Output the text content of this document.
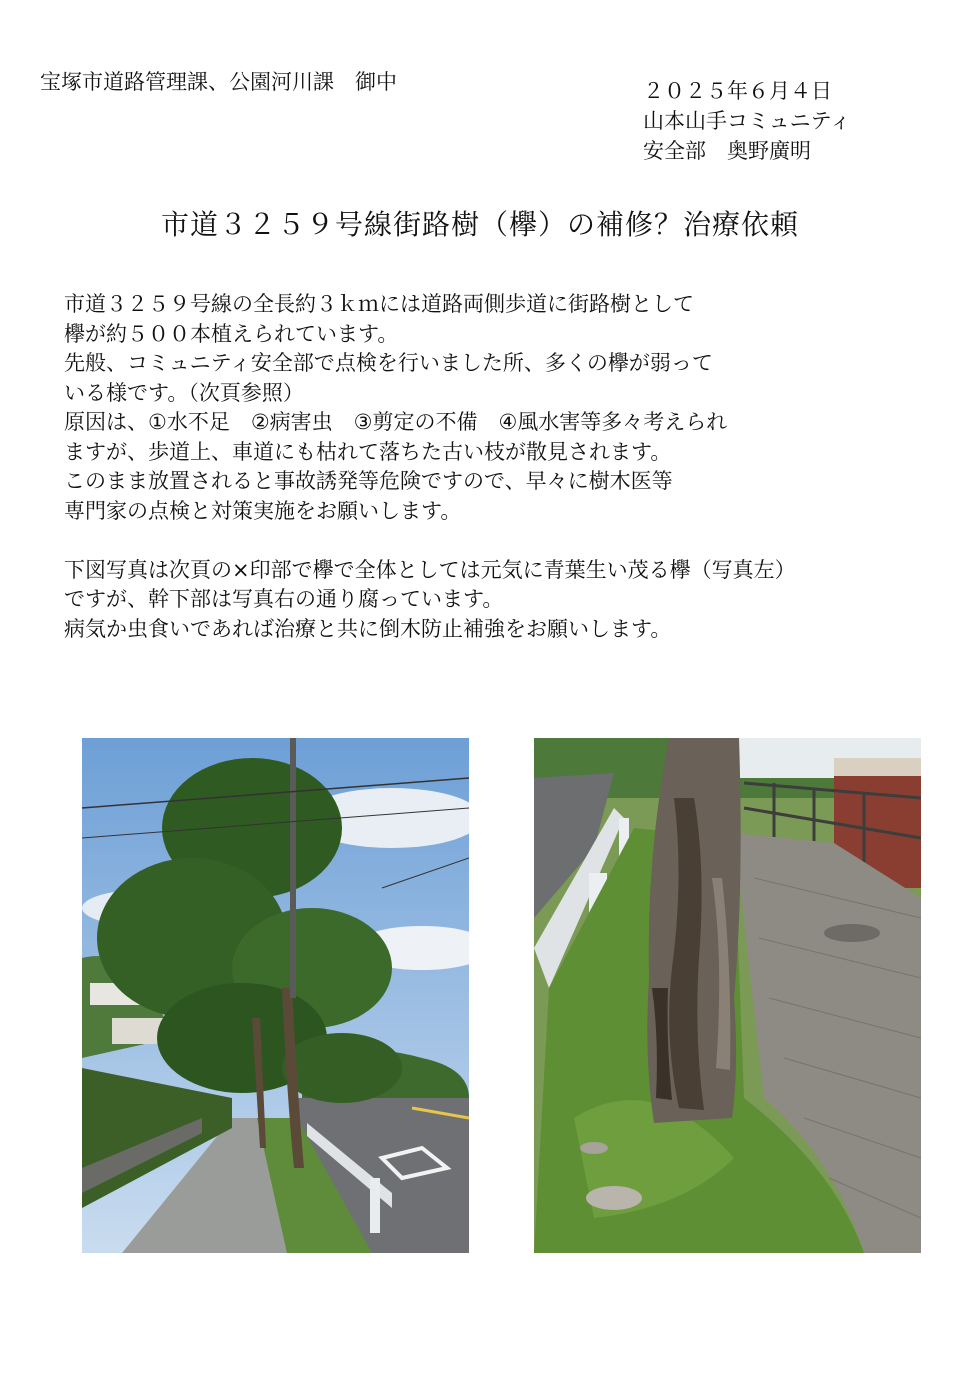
宝塚市道路管理課、公園河川課　御中	２０２５年６月４日
山本山手コミュニティ
安全部　奥野廣明
市道３２５９号線街路樹（欅）の補修？治療依頼

市道３２５９号線の全長約３ｋｍには道路両側歩道に街路樹として

欅が約５００本植えられています。

先般、コミュニティ安全部で点検を行いました所、多くの欅が弱って

いる様です。（次頁参照）

原因は、①水不足　②病害虫　③剪定の不備　④風水害等多々考えられ

ますが、歩道上、車道にも枯れて落ちた古い枝が散見されます。

このまま放置されると事故誘発等危険ですので、早々に樹木医等

専門家の点検と対策実施をお願いします。

下図写真は次頁の×印部で欅で全体としては元気に青葉生い茂る欅（写真左）

ですが、幹下部は写真右の通り腐っています。

病気か虫食いであれば治療と共に倒木防止補強をお願いします。
